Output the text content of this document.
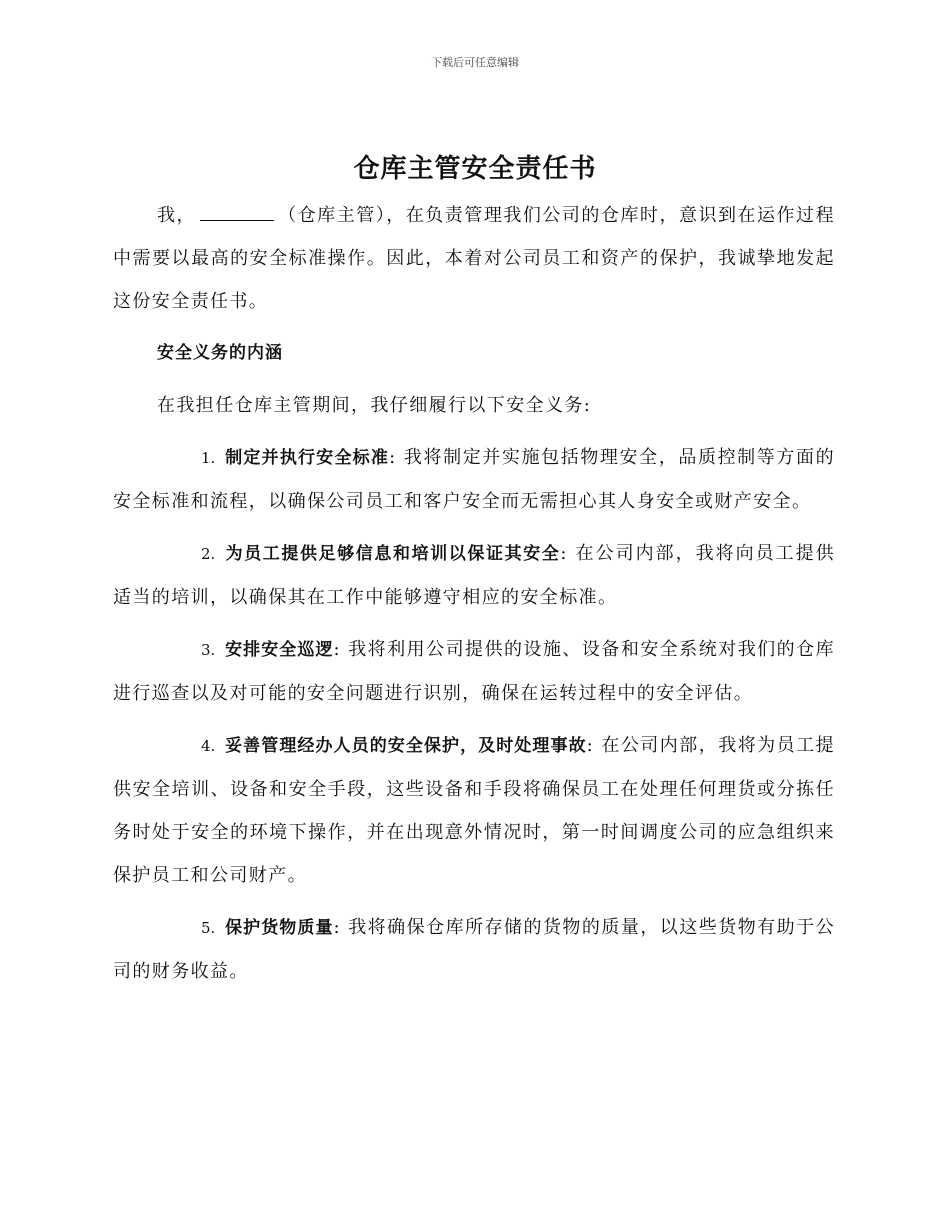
下载后可任意编辑
仓库主管安全责任书

我，	（仓库主管），在负责管理我们公司的仓库时，意识到在运作过程中需要以最高的安全标准操作。因此，本着对公司员工和资产的保护，我诚挚地发起这份安全责任书。

安全义务的内涵

在我担任仓库主管期间，我仔细履行以下安全义务:

1. 制定并执行安全标准: 我将制定并实施包括物理安全，品质控制等方面的安全标准和流程，以确保公司员工和客户安全而无需担心其人身安全或财产安全。

2. 为员工提供足够信息和培训以保证其安全: 在公司内部，我将向员工提供适当的培训，以确保其在工作中能够遵守相应的安全标准。

3. 安排安全巡逻: 我将利用公司提供的设施、设备和安全系统对我们的仓库进行巡查以及对可能的安全问题进行识别，确保在运转过程中的安全评估。

4. 妥善管理经办人员的安全保护，及时处理事故: 在公司内部，我将为员工提供安全培训、设备和安全手段，这些设备和手段将确保员工在处理任何理货或分拣任务时处于安全的环境下操作，并在出现意外情况时，第一时间调度公司的应急组织来保护员工和公司财产。

5. 保护货物质量: 我将确保仓库所存储的货物的质量，以这些货物有助于公司的财务收益。
